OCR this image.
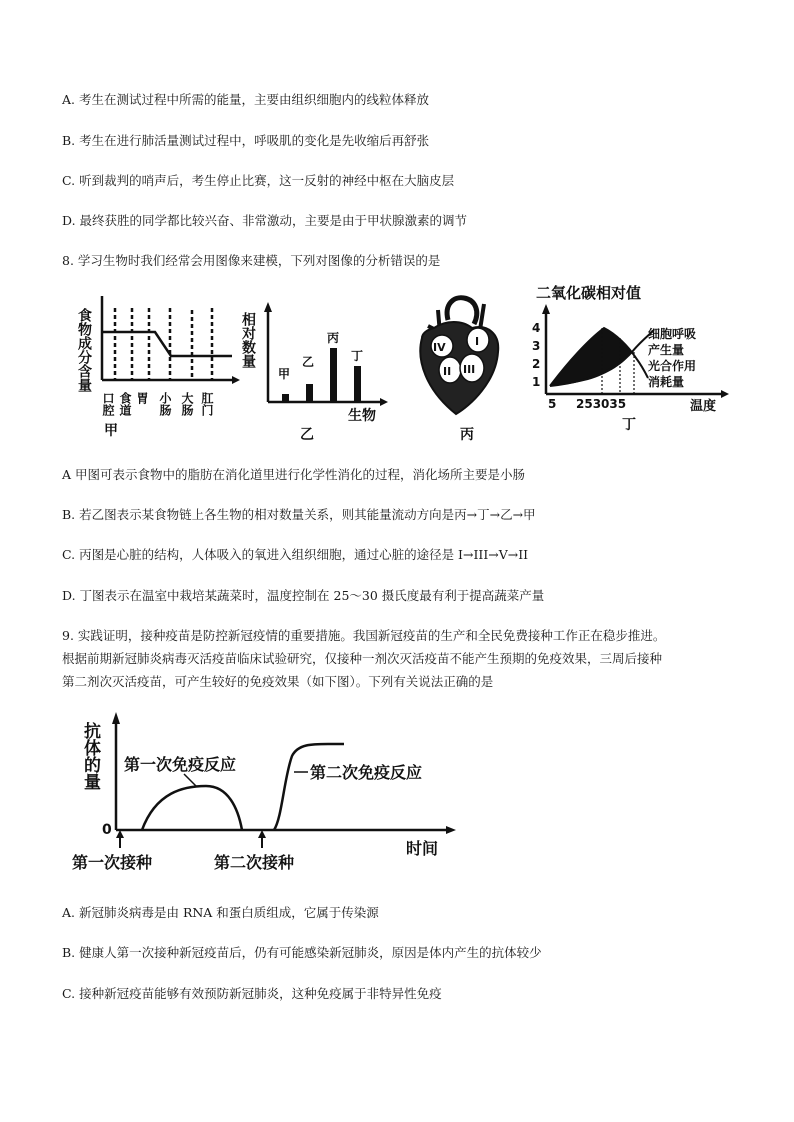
A. 考生在测试过程中所需的能量，主要由组织细胞内的线粒体释放
B. 考生在进行肺活量测试过程中，呼吸肌的变化是先收缩后再舒张
C. 听到裁判的哨声后，考生停止比赛，这一反射的神经中枢在大脑皮层
D. 最终获胜的同学都比较兴奋、非常激动，主要是由于甲状腺激素的调节
8. 学习生物时我们经常会用图像来建模，下列对图像的分析错误的是
食物成分含量
口腔 食道 胃 小肠 大肠 肛门
甲
相对数量
甲
乙
丙
丁
生物
乙
IV	I
II III
丙
二氧化碳相对值
4
3
2
1
细胞呼吸
产生量
光合作用
消耗量
5 253035	温度
丁
A 甲图可表示食物中的脂肪在消化道里进行化学性消化的过程，消化场所主要是小肠
B. 若乙图表示某食物链上各生物的相对数量关系，则其能量流动方向是丙→丁→乙→甲
C. 丙图是心脏的结构，人体吸入的氧进入组织细胞，通过心脏的途径是 I→III→V→II
D. 丁图表示在温室中栽培某蔬菜时，温度控制在 25～30 摄氏度最有利于提高蔬菜产量
9. 实践证明，接种疫苗是防控新冠疫情的重要措施。我国新冠疫苗的生产和全民免费接种工作正在稳步推进。
根据前期新冠肺炎病毒灭活疫苗临床试验研究，仅接种一剂次灭活疫苗不能产生预期的免疫效果，三周后接种
第二剂次灭活疫苗，可产生较好的免疫效果（如下图）。下列有关说法正确的是
抗体的量
0
第一次免疫反应	第二次免疫反应
第一次接种	第二次接种
时间
A. 新冠肺炎病毒是由 RNA 和蛋白质组成，它属于传染源
B. 健康人第一次接种新冠疫苗后，仍有可能感染新冠肺炎，原因是体内产生的抗体较少
C. 接种新冠疫苗能够有效预防新冠肺炎，这种免疫属于非特异性免疫
